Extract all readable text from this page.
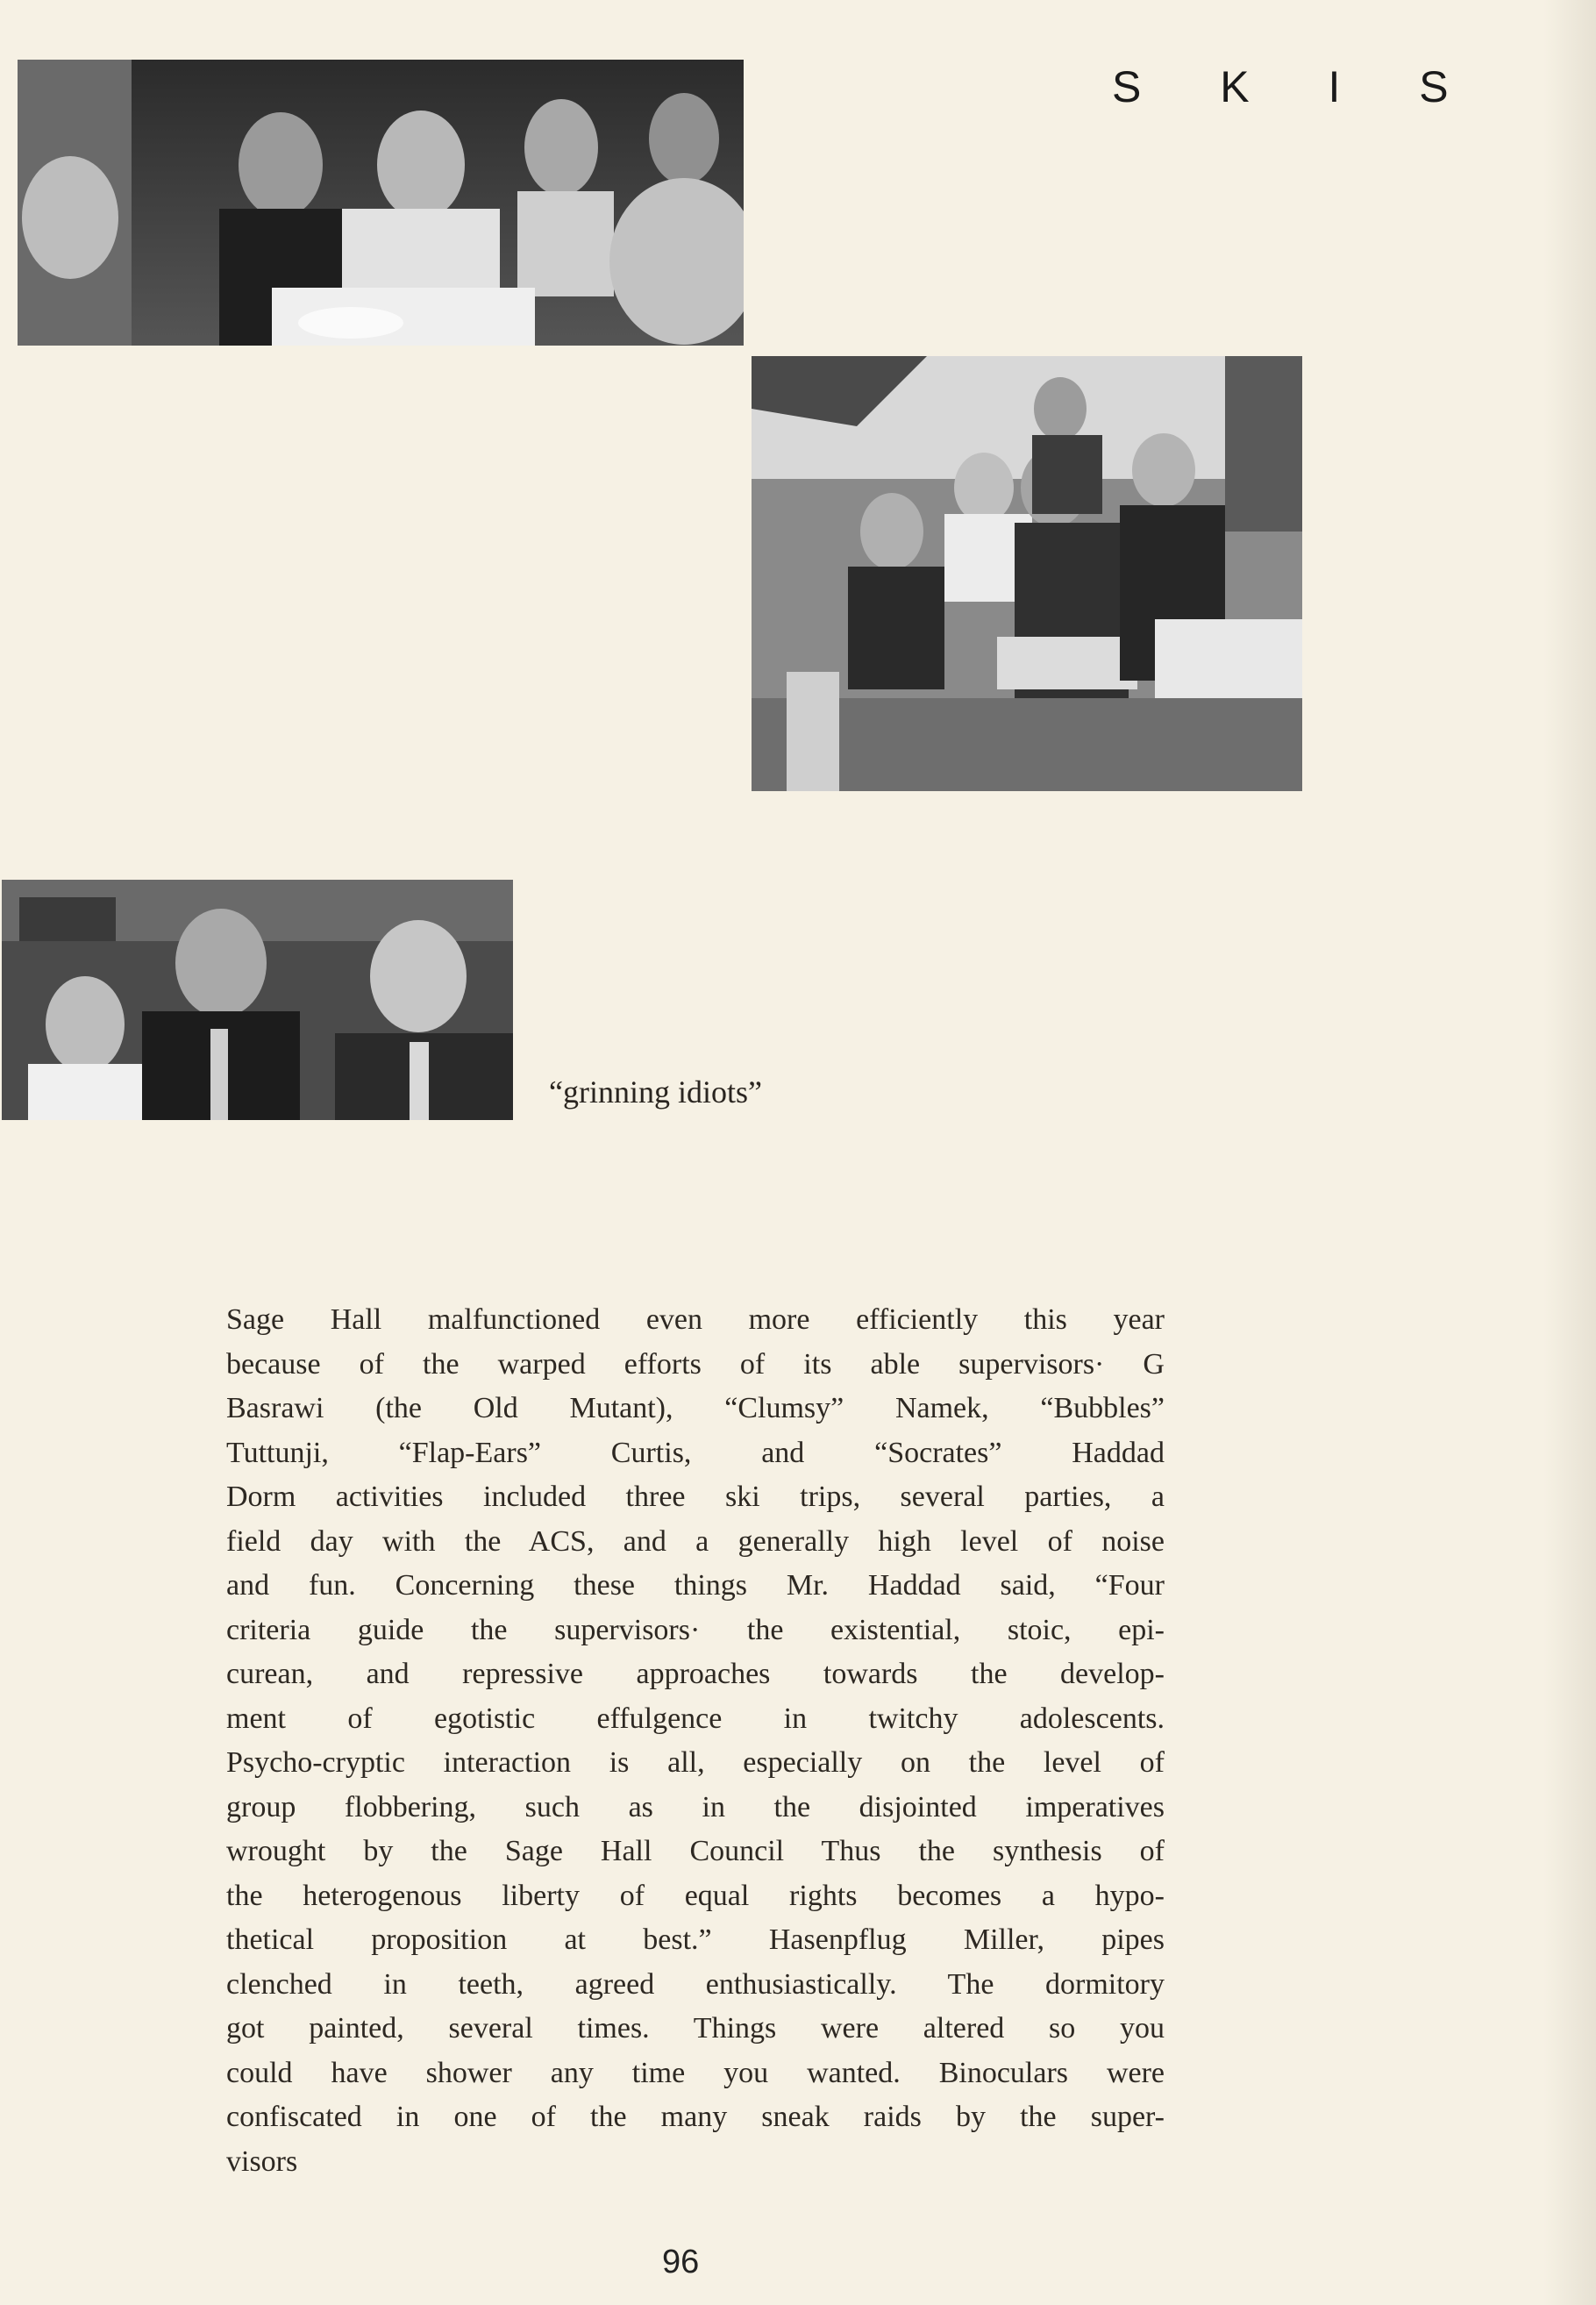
S K I S
“grinning idiots”
Sage Hall malfunctioned even more efficiently this year
because of the warped efforts of its able supervisors· G
Basrawi (the Old Mutant), “Clumsy” Namek, “Bubbles”
Tuttunji, “Flap-Ears” Curtis, and “Socrates” Haddad
Dorm activities included three ski trips, several parties, a
field day with the ACS, and a generally high level of noise
and fun. Concerning these things Mr. Haddad said, “Four
criteria guide the supervisors· the existential, stoic, epi-
curean, and repressive approaches towards the develop-
ment of egotistic effulgence in twitchy adolescents.
Psycho-cryptic interaction is all, especially on the level of
group flobbering, such as in the disjointed imperatives
wrought by the Sage Hall Council Thus the synthesis of
the heterogenous liberty of equal rights becomes a hypo-
thetical proposition at best.” Hasenpflug Miller, pipes
clenched in teeth, agreed enthusiastically. The dormitory
got painted, several times. Things were altered so you
could have shower any time you wanted. Binoculars were
confiscated in one of the many sneak raids by the super-
visors
96
